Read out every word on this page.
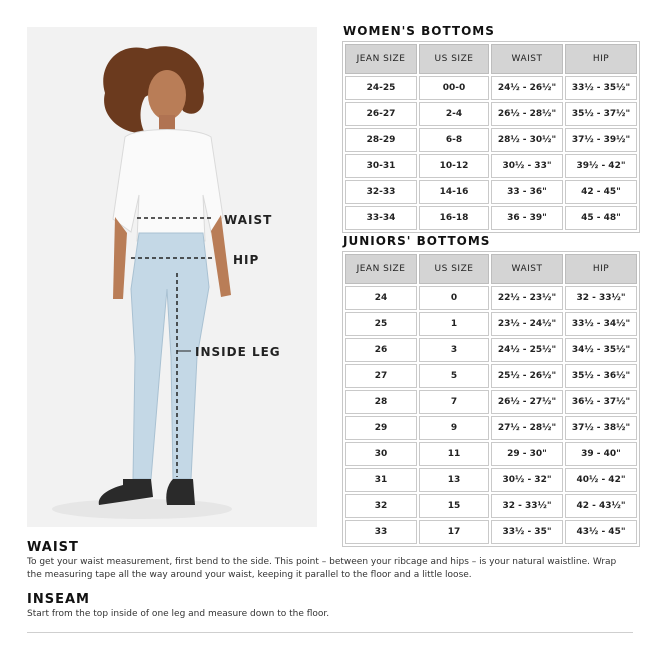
WAIST
HIP
INSIDE LEG
WOMEN'S BOTTOMS
JEAN SIZE	US SIZE	WAIST	HIP
24-25	00-0	24½ - 26½"	33½ - 35½"
26-27	2-4	26½ - 28½"	35½ - 37½"
28-29	6-8	28½ - 30½"	37½ - 39½"
30-31	10-12	30½ - 33"	39½ - 42"
32-33	14-16	33 - 36"	42 - 45"
33-34	16-18	36 - 39"	45 - 48"
JUNIORS' BOTTOMS
JEAN SIZE	US SIZE	WAIST	HIP
24	0	22½ - 23½"	32 - 33½"
25	1	23½ - 24½"	33½ - 34½"
26	3	24½ - 25½"	34½ - 35½"
27	5	25½ - 26½"	35½ - 36½"
28	7	26½ - 27½"	36½ - 37½"
29	9	27½ - 28½"	37½ - 38½"
30	11	29 - 30"	39 - 40"
31	13	30½ - 32"	40½ - 42"
32	15	32 - 33½"	42 - 43½"
33	17	33½ - 35"	43½ - 45"
WAIST
To get your waist measurement, first bend to the side. This point – between your ribcage and hips – is your natural waistline. Wrap the measuring tape all the way around your waist, keeping it parallel to the floor and a little loose.
INSEAM
Start from the top inside of one leg and measure down to the floor.
